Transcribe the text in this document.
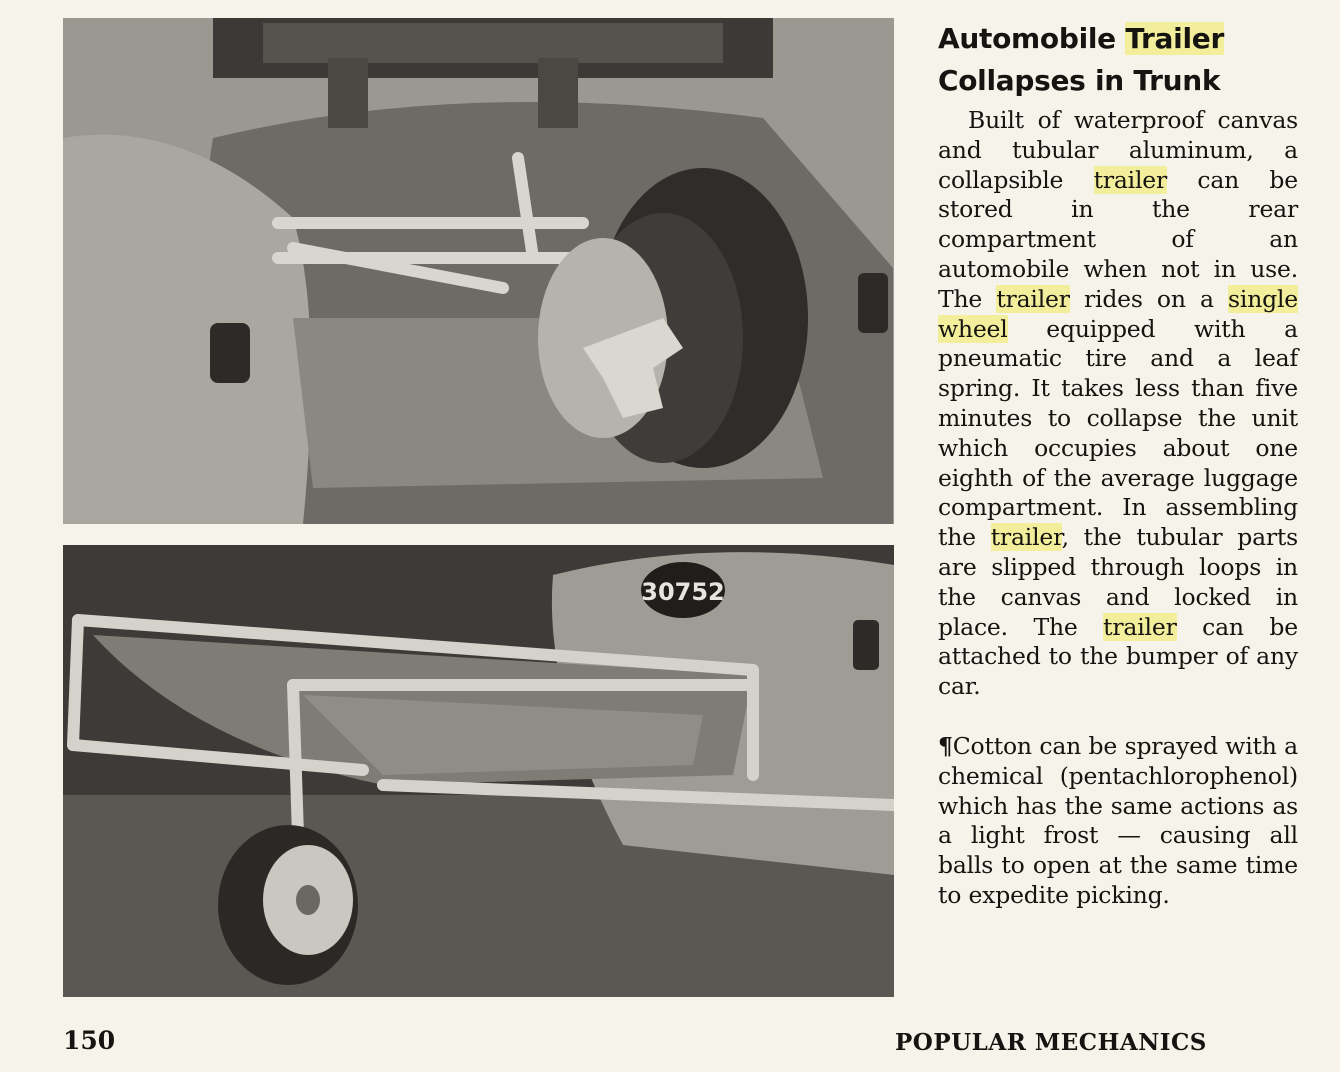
30752
Automobile Trailer
Collapses in Trunk

Built of waterproof canvas and tubular aluminum, a collapsible trailer can be stored in the rear compartment of an automobile when not in use. The trailer rides on a single wheel equipped with a pneumatic tire and a leaf spring. It takes less than five minutes to collapse the unit which occupies about one eighth of the average luggage compartment. In assembling the trailer, the tubular parts are slipped through loops in the canvas and locked in place. The trailer can be attached to the bumper of any car.

¶Cotton can be sprayed with a chemical (pentachlorophenol) which has the same actions as a light frost — causing all balls to open at the same time to expedite picking.

150	POPULAR MECHANICS
